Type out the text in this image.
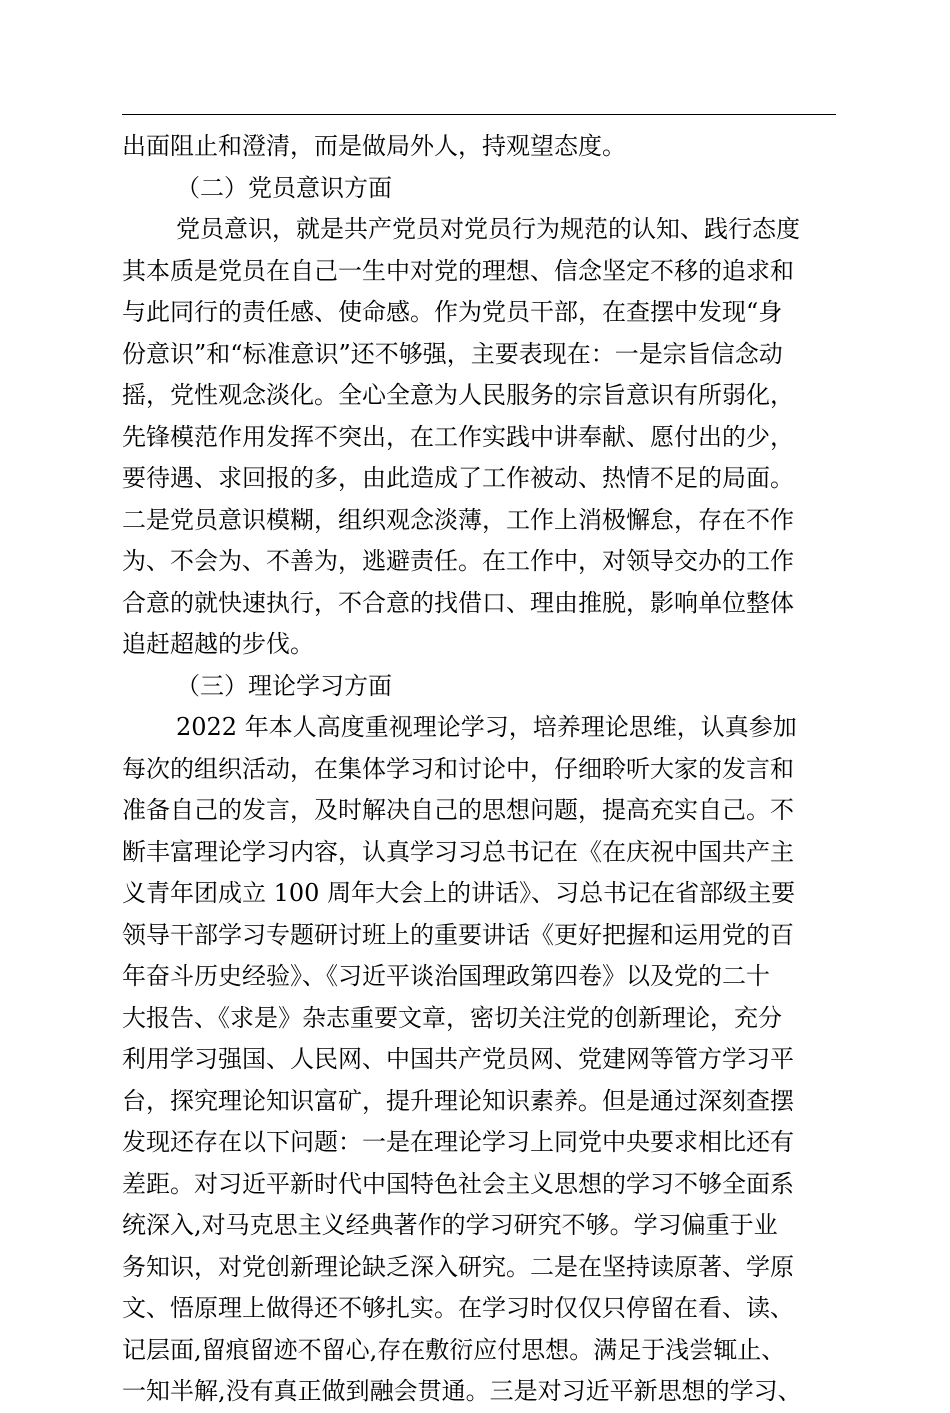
出面阻止和澄清，而是做局外人，持观望态度。
（二）党员意识方面
党员意识，就是共产党员对党员行为规范的认知、践行态度
其本质是党员在自己一生中对党的理想、信念坚定不移的追求和
与此同行的责任感、使命感。作为党员干部，在查摆中发现“身
份意识”和“标准意识”还不够强，主要表现在：一是宗旨信念动
摇，党性观念淡化。全心全意为人民服务的宗旨意识有所弱化，
先锋模范作用发挥不突出，在工作实践中讲奉献、愿付出的少，
要待遇、求回报的多，由此造成了工作被动、热情不足的局面。
二是党员意识模糊，组织观念淡薄，工作上消极懈怠，存在不作
为、不会为、不善为，逃避责任。在工作中，对领导交办的工作
合意的就快速执行，不合意的找借口、理由推脱，影响单位整体
追赶超越的步伐。
（三）理论学习方面
2022 年本人高度重视理论学习，培养理论思维，认真参加
每次的组织活动，在集体学习和讨论中，仔细聆听大家的发言和
准备自己的发言，及时解决自己的思想问题，提高充实自己。不
断丰富理论学习内容，认真学习习总书记在《在庆祝中国共产主
义青年团成立 100 周年大会上的讲话》、习总书记在省部级主要
领导干部学习专题研讨班上的重要讲话《更好把握和运用党的百
年奋斗历史经验》、《习近平谈治国理政第四卷》以及党的二十
大报告、《求是》杂志重要文章，密切关注党的创新理论，充分
利用学习强国、人民网、中国共产党员网、党建网等管方学习平
台，探究理论知识富矿，提升理论知识素养。但是通过深刻查摆
发现还存在以下问题：一是在理论学习上同党中央要求相比还有
差距。对习近平新时代中国特色社会主义思想的学习不够全面系
统深入,对马克思主义经典著作的学习研究不够。学习偏重于业
务知识，对党创新理论缺乏深入研究。二是在坚持读原著、学原
文、悟原理上做得还不够扎实。在学习时仅仅只停留在看、读、
记层面,留痕留迹不留心,存在敷衍应付思想。满足于浅尝辄止、
一知半解,没有真正做到融会贯通。三是对习近平新思想的学习、
